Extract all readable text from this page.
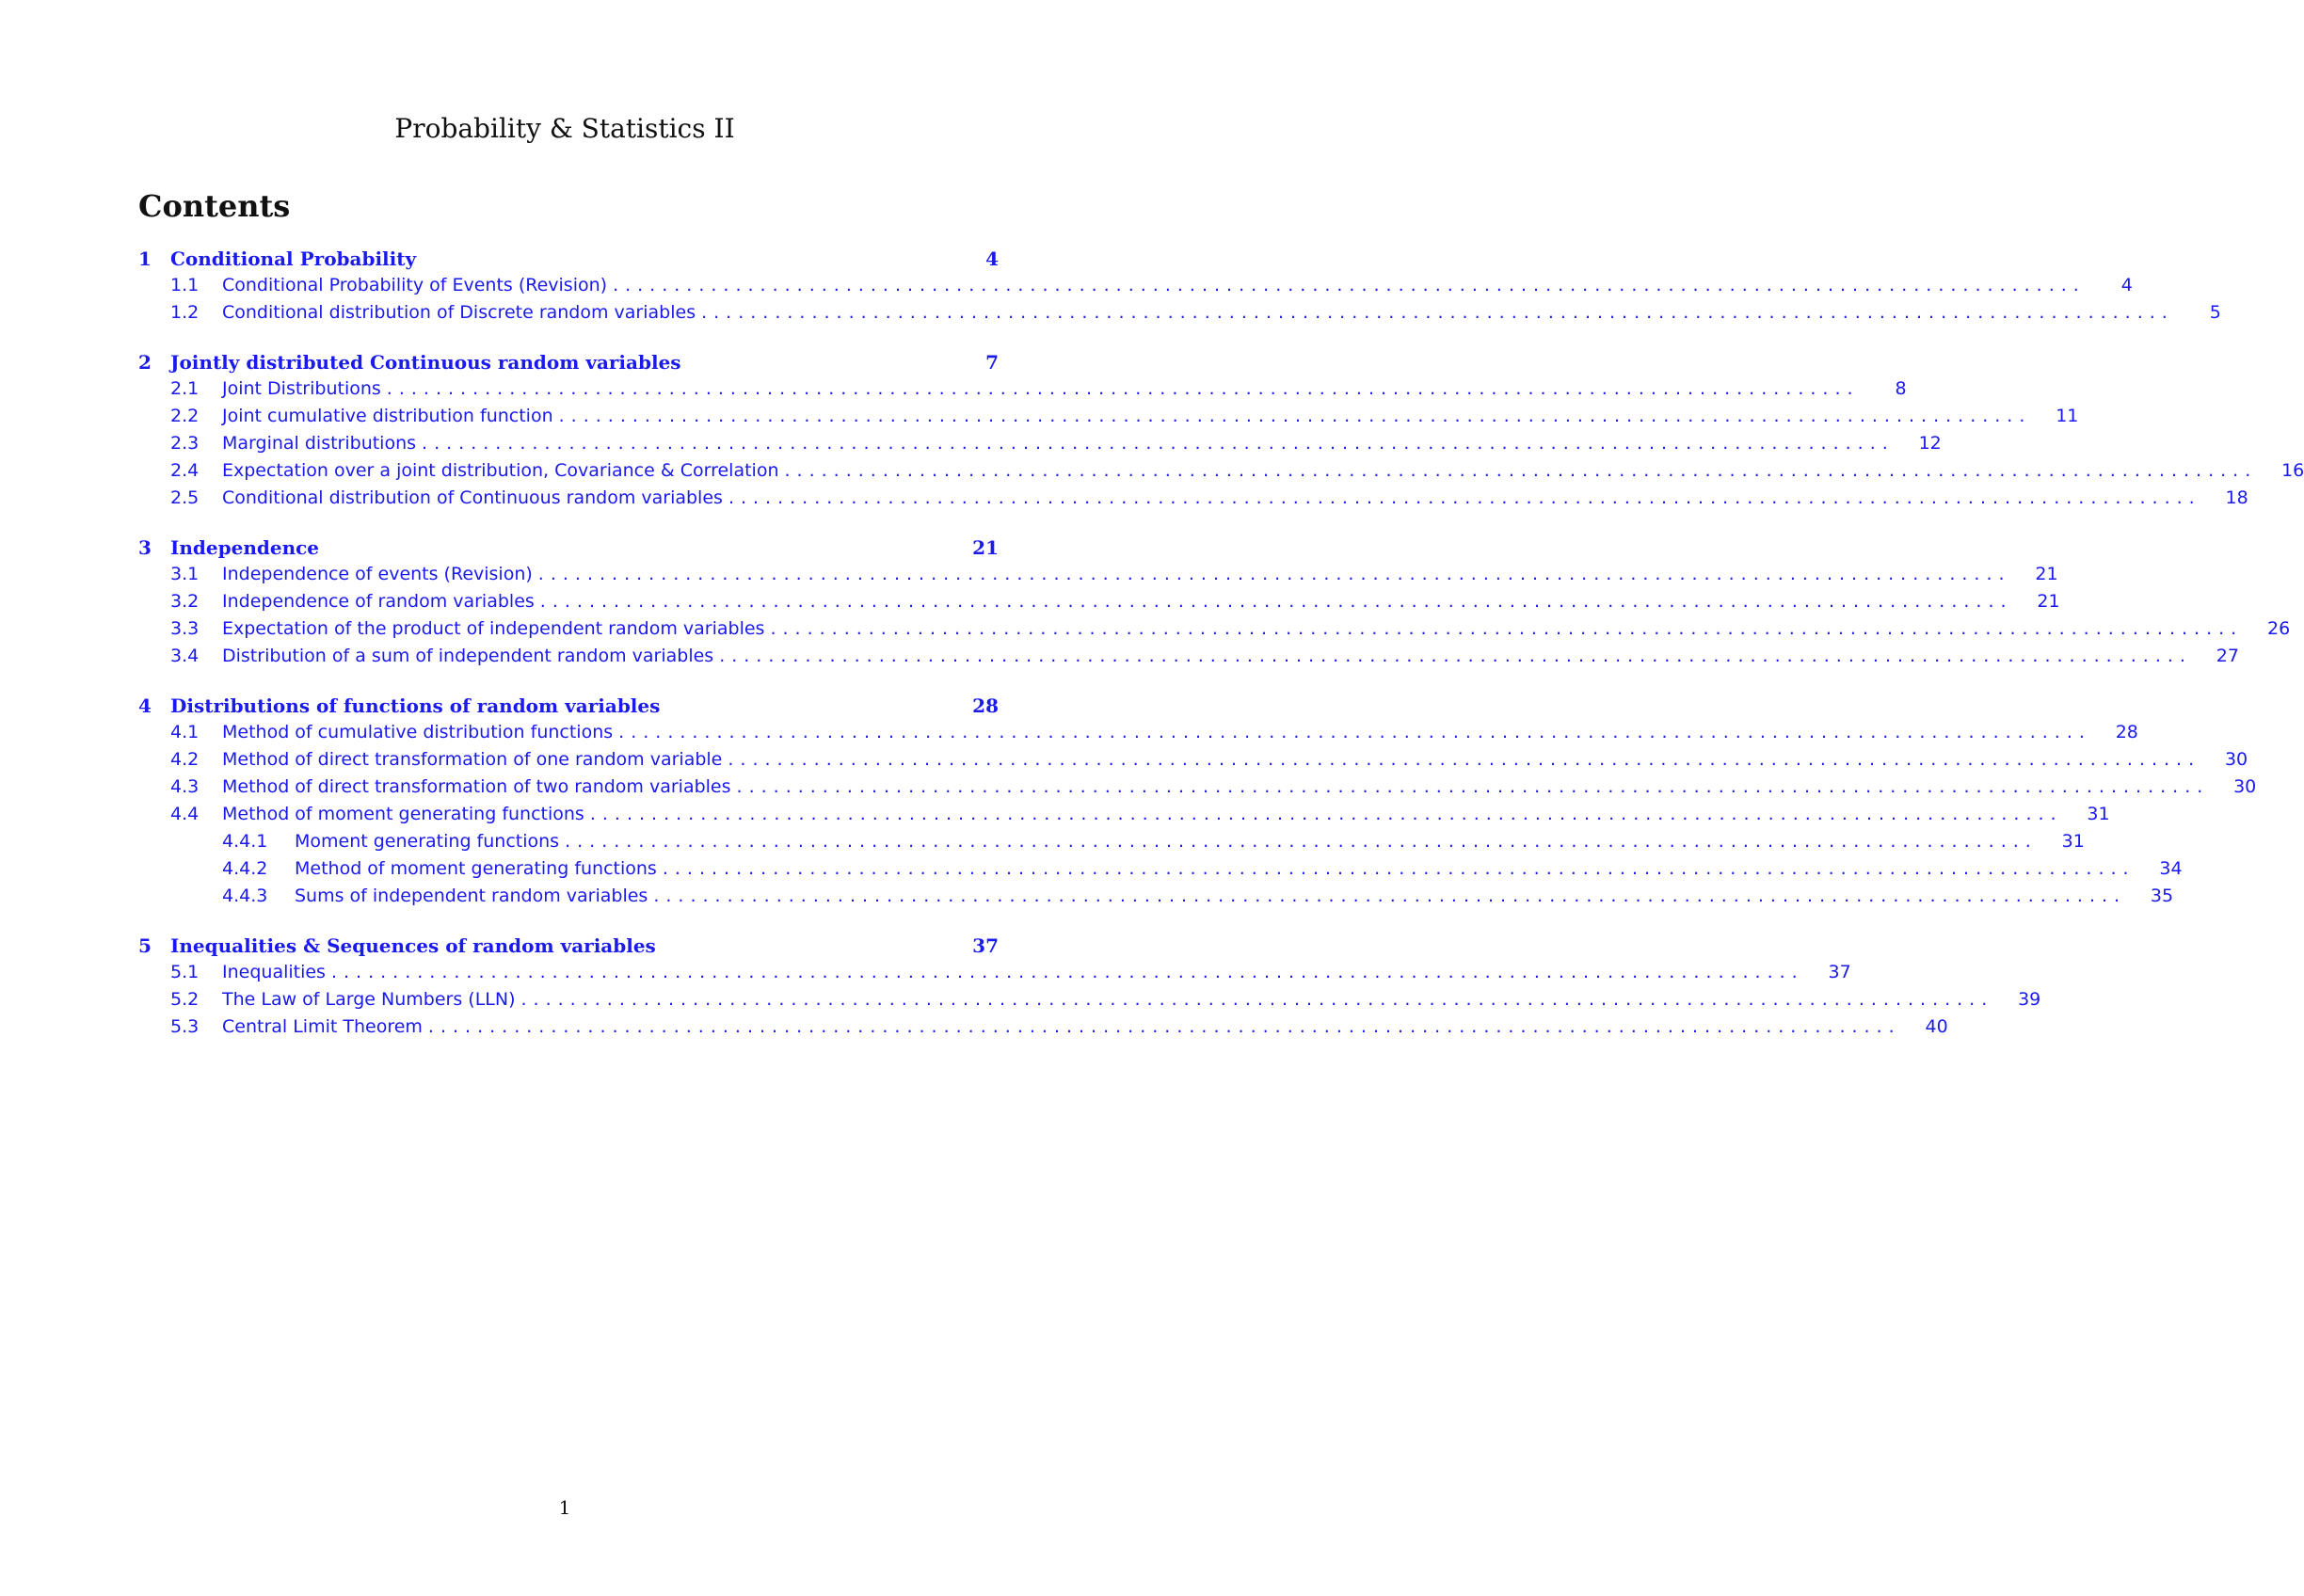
Probability & Statistics II
Contents
1	Conditional Probability	4
1.1	Conditional Probability of Events (Revision) ........................................................................................................................	4
1.2	Conditional distribution of Discrete random variables ........................................................................................................................	5
2	Jointly distributed Continuous random variables	7
2.1	Joint Distributions ........................................................................................................................	8
2.2	Joint cumulative distribution function ........................................................................................................................	11
2.3	Marginal distributions ........................................................................................................................	12
2.4	Expectation over a joint distribution, Covariance & Correlation ........................................................................................................................	16
2.5	Conditional distribution of Continuous random variables ........................................................................................................................	18
3	Independence	21
3.1	Independence of events (Revision) ........................................................................................................................	21
3.2	Independence of random variables ........................................................................................................................	21
3.3	Expectation of the product of independent random variables ........................................................................................................................	26
3.4	Distribution of a sum of independent random variables ........................................................................................................................	27
4	Distributions of functions of random variables	28
4.1	Method of cumulative distribution functions ........................................................................................................................	28
4.2	Method of direct transformation of one random variable ........................................................................................................................	30
4.3	Method of direct transformation of two random variables ........................................................................................................................	30
4.4	Method of moment generating functions ........................................................................................................................	31
4.4.1	Moment generating functions ........................................................................................................................	31
4.4.2	Method of moment generating functions ........................................................................................................................	34
4.4.3	Sums of independent random variables ........................................................................................................................	35
5	Inequalities & Sequences of random variables	37
5.1	Inequalities ........................................................................................................................	37
5.2	The Law of Large Numbers (LLN) ........................................................................................................................	39
5.3	Central Limit Theorem ........................................................................................................................	40
1
